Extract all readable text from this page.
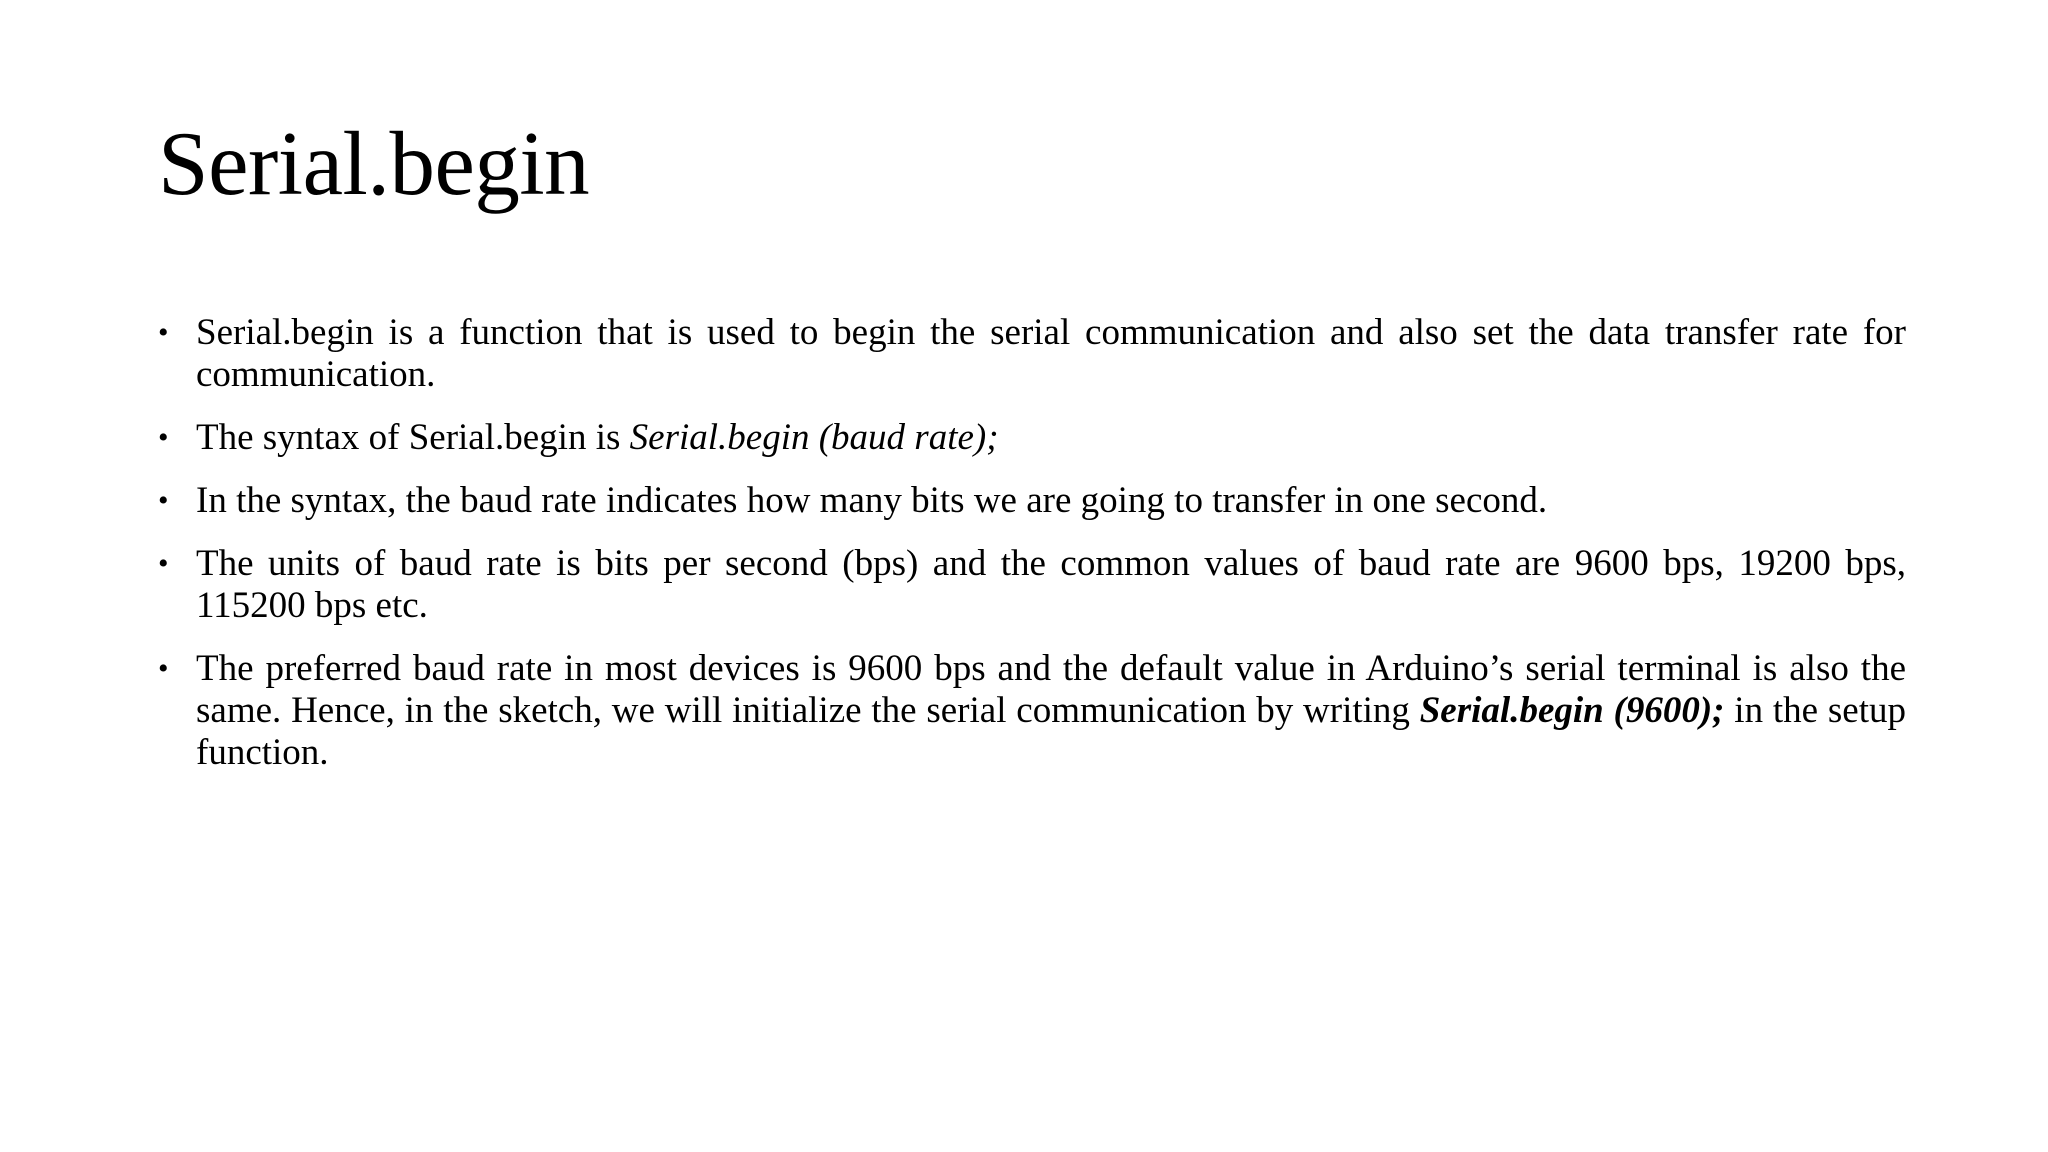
Serial.begin
• Serial.begin is a function that is used to begin the serial communication and also set the data transfer rate for communication.
• The syntax of Serial.begin is Serial.begin (baud rate);
• In the syntax, the baud rate indicates how many bits we are going to transfer in one second.
• The units of baud rate is bits per second (bps) and the common values of baud rate are 9600 bps, 19200 bps, 115200 bps etc.
• The preferred baud rate in most devices is 9600 bps and the default value in Arduino’s serial terminal is also the same. Hence, in the sketch, we will initialize the serial communication by writing Serial.begin (9600); in the setup function.
